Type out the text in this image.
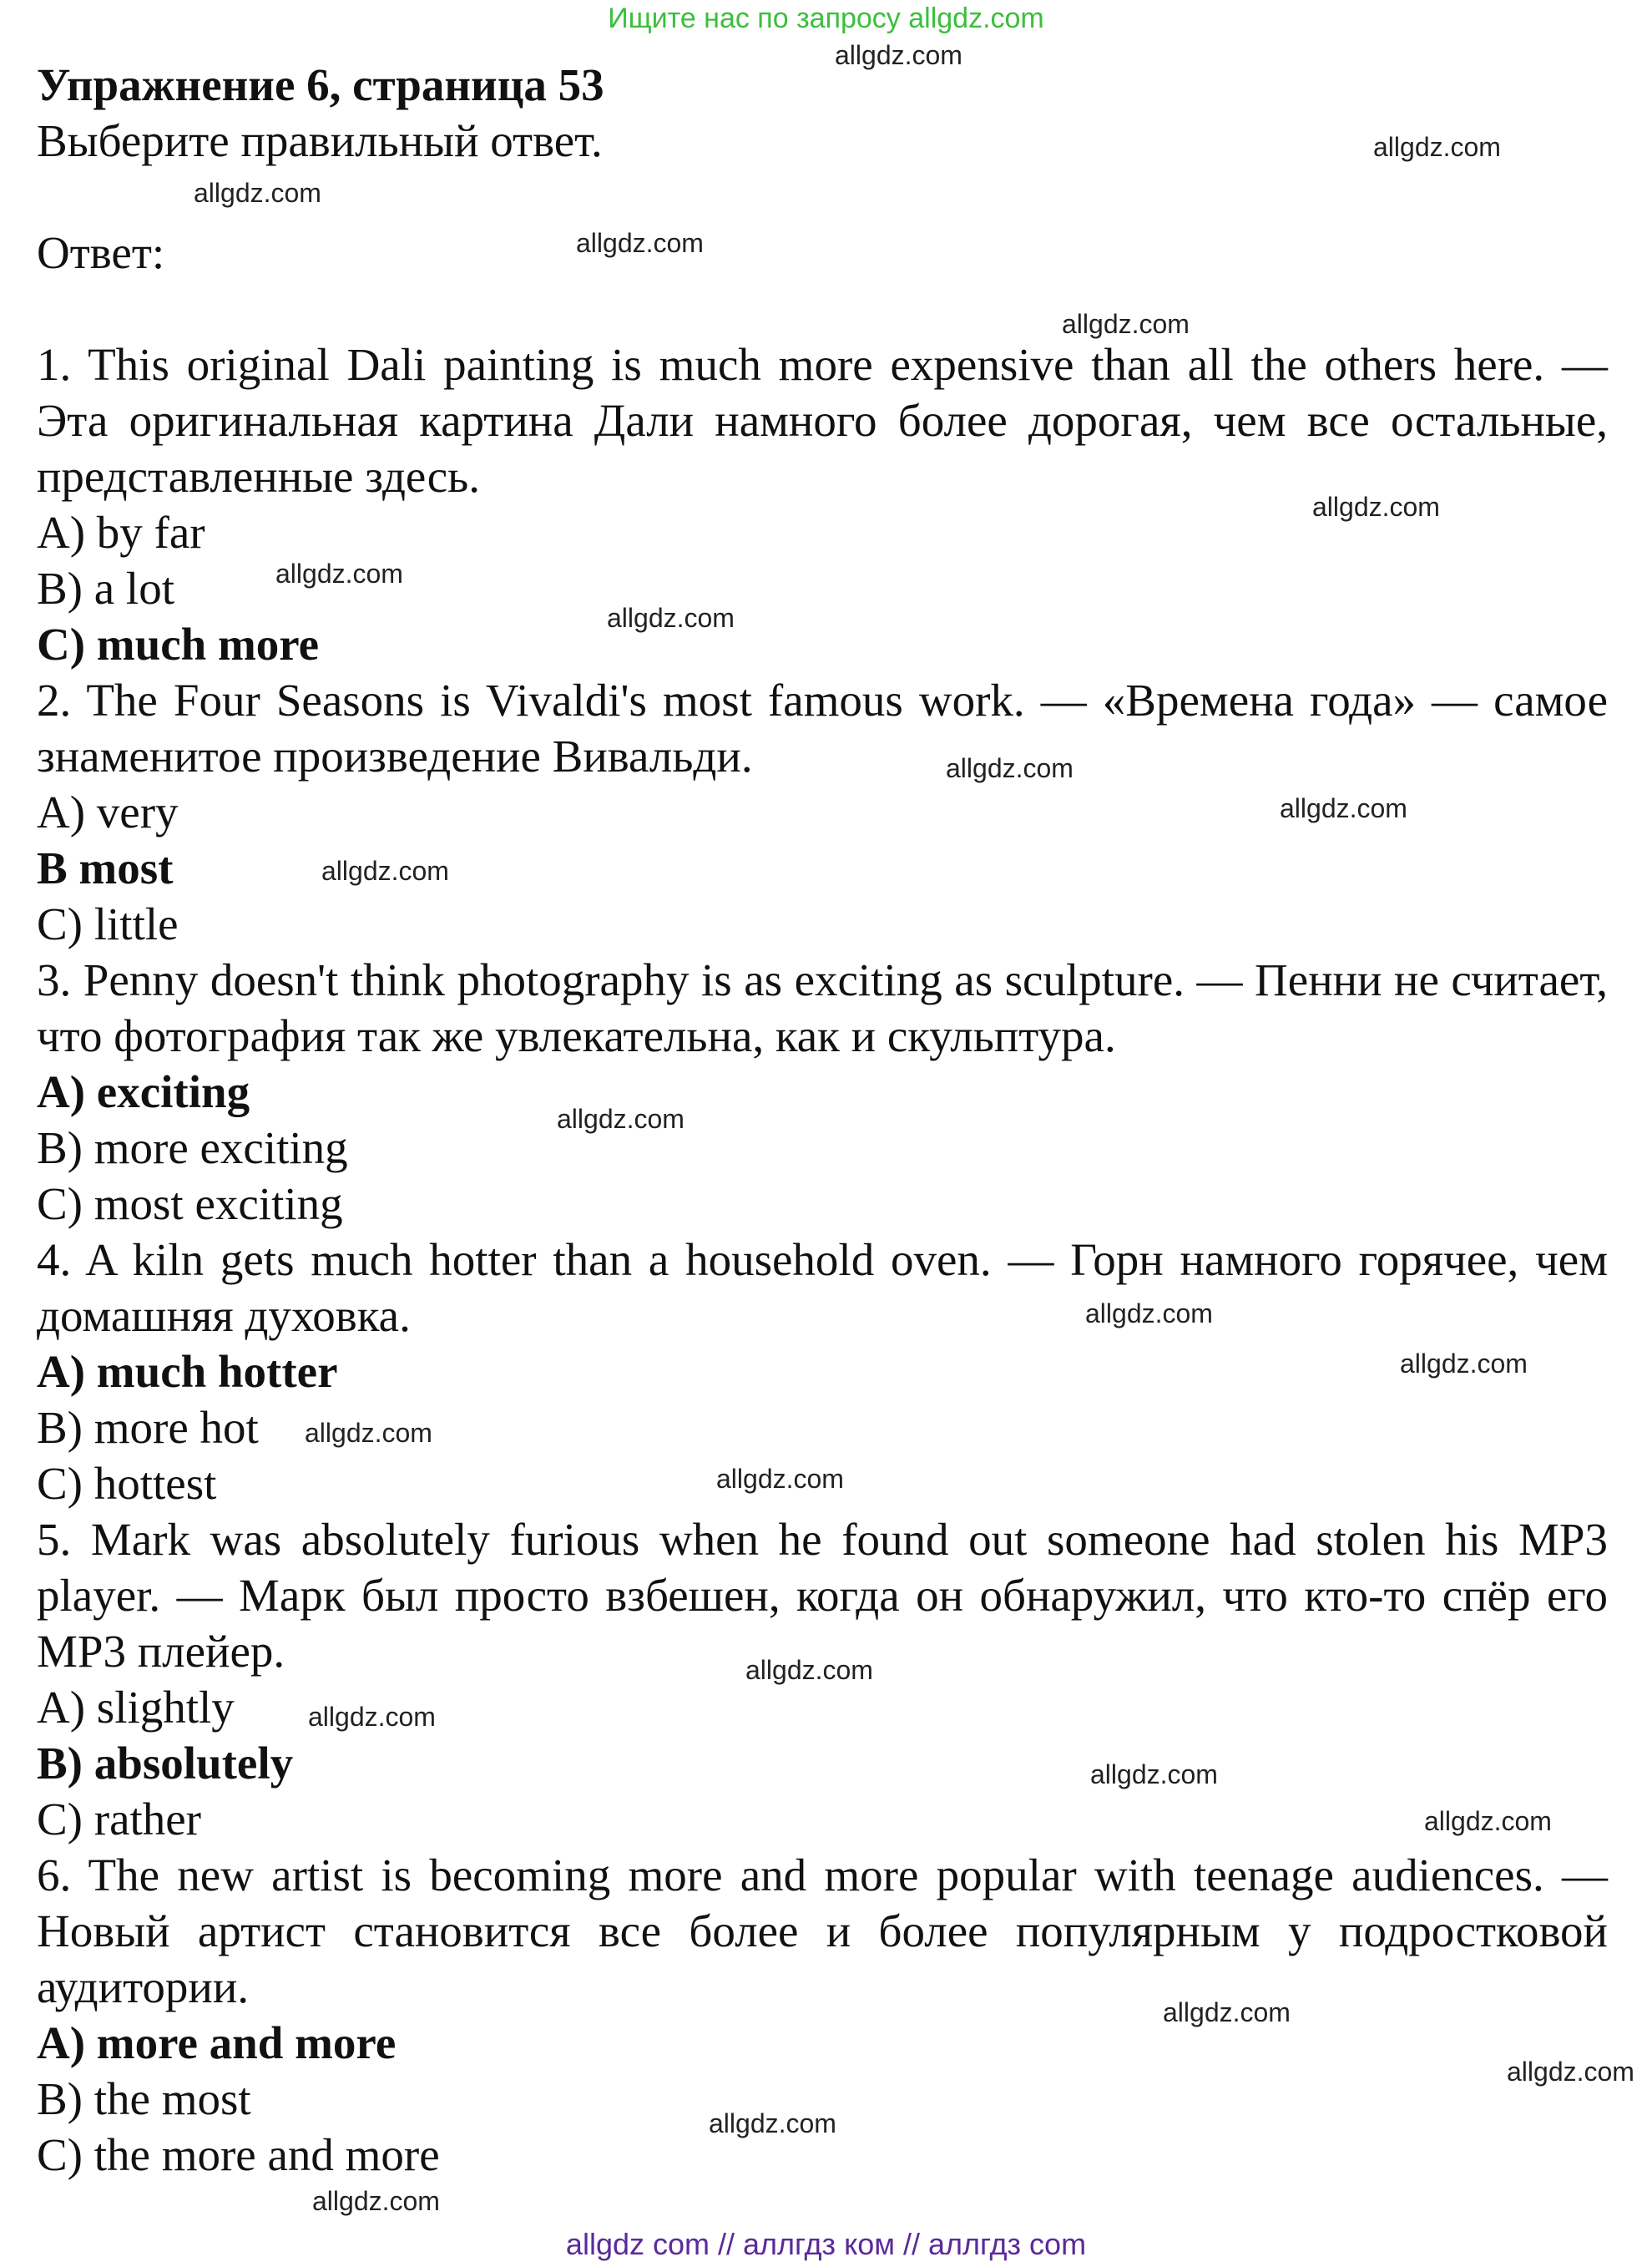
Ищите нас по запросу allgdz.com
allgdz.com
allgdz.com
allgdz.com
allgdz.com
allgdz.com
allgdz.com
allgdz.com
allgdz.com
allgdz.com
allgdz.com
allgdz.com
allgdz.com
allgdz.com
allgdz.com
allgdz.com
allgdz.com
allgdz.com
allgdz.com
allgdz.com
allgdz.com
allgdz.com
allgdz.com
allgdz.com
allgdz.com

Упражнение 6, страница 53

Выберите правильный ответ.

Ответ:

1. This original Dali painting is much more expensive than all the others here. — Эта оригинальная картина Дали намного более дорогая, чем все остальные, представленные здесь.

A) by far
B) a lot
C) much more

2. The Four Seasons is Vivaldi's most famous work. — «Времена года» — самое знаменитое произведение Вивальди.

A) very
B most
C) little

3. Penny doesn't think photography is as exciting as sculpture. — Пенни не считает, что фотография так же увлекательна, как и скульптура.

A) exciting
B) more exciting
C) most exciting

4. A kiln gets much hotter than a household oven. — Горн намного горячее, чем домашняя духовка.

A) much hotter
B) more hot
C) hottest

5. Mark was absolutely furious when he found out someone had stolen his MP3 player. — Марк был просто взбешен, когда он обнаружил, что кто-то спёр его MP3 плейер.

A) slightly
B) absolutely
C) rather

6. The new artist is becoming more and more popular with teenage audiences. — Новый артист становится все более и более популярным у подростковой аудитории.

A) more and more
B) the most
C) the more and more
allgdz com // аллгдз ком // аллгдз com
